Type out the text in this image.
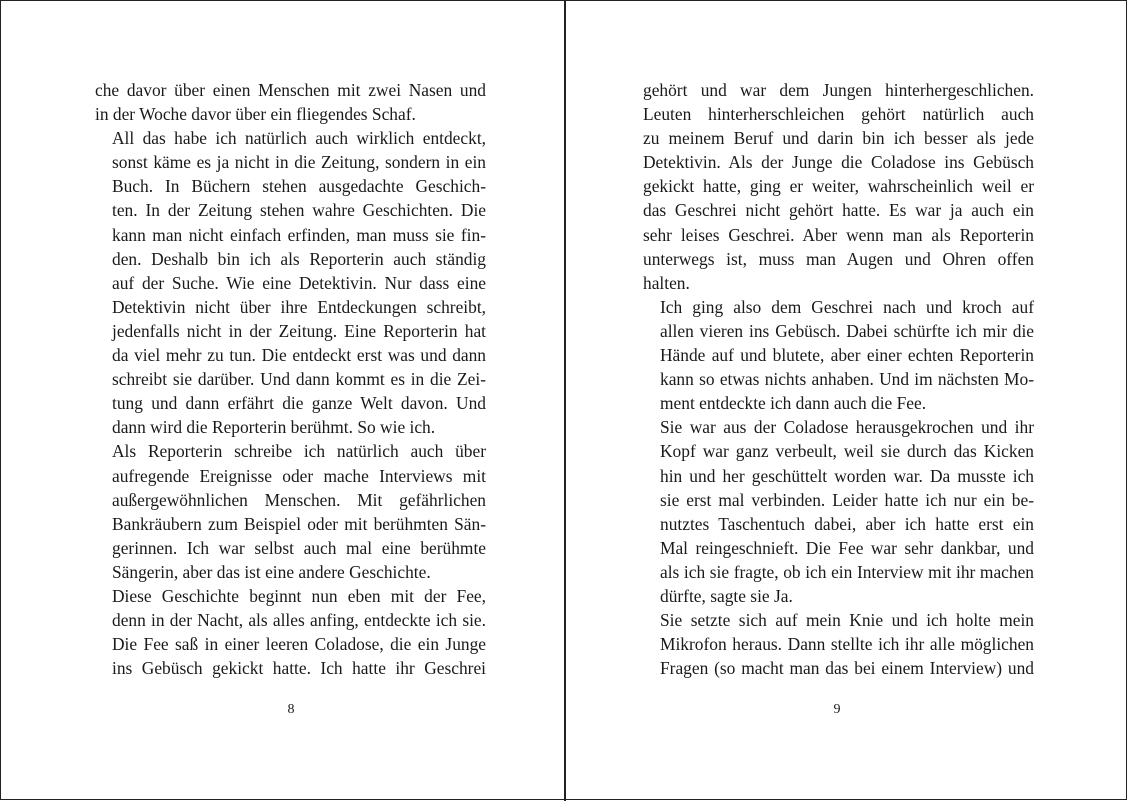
che davor über einen Menschen mit zwei Nasen und
in der Woche davor über ein fliegendes Schaf.

All das habe ich natürlich auch wirklich entdeckt,
sonst käme es ja nicht in die Zeitung, sondern in ein
Buch. In Büchern stehen ausgedachte Geschich-
ten. In der Zeitung stehen wahre Geschichten. Die
kann man nicht einfach erfinden, man muss sie fin-
den. Deshalb bin ich als Reporterin auch ständig
auf der Suche. Wie eine Detektivin. Nur dass eine
Detektivin nicht über ihre Entdeckungen schreibt,
jedenfalls nicht in der Zeitung. Eine Reporterin hat
da viel mehr zu tun. Die entdeckt erst was und dann
schreibt sie darüber. Und dann kommt es in die Zei-
tung und dann erfährt die ganze Welt davon. Und
dann wird die Reporterin berühmt. So wie ich.

Als Reporterin schreibe ich natürlich auch über
aufregende Ereignisse oder mache Interviews mit
außergewöhnlichen Menschen. Mit gefährlichen
Bankräubern zum Beispiel oder mit berühmten Sän-
gerinnen. Ich war selbst auch mal eine berühmte
Sängerin, aber das ist eine andere Geschichte.

Diese Geschichte beginnt nun eben mit der Fee,
denn in der Nacht, als alles anfing, entdeckte ich sie.
Die Fee saß in einer leeren Coladose, die ein Junge
ins Gebüsch gekickt hatte. Ich hatte ihr Geschrei

8

gehört und war dem Jungen hinterhergeschlichen.
Leuten hinterherschleichen gehört natürlich auch
zu meinem Beruf und darin bin ich besser als jede
Detektivin. Als der Junge die Coladose ins Gebüsch
gekickt hatte, ging er weiter, wahrscheinlich weil er
das Geschrei nicht gehört hatte. Es war ja auch ein
sehr leises Geschrei. Aber wenn man als Reporterin
unterwegs ist, muss man Augen und Ohren offen
halten.

Ich ging also dem Geschrei nach und kroch auf
allen vieren ins Gebüsch. Dabei schürfte ich mir die
Hände auf und blutete, aber einer echten Reporterin
kann so etwas nichts anhaben. Und im nächsten Mo-
ment entdeckte ich dann auch die Fee.

Sie war aus der Coladose herausgekrochen und ihr
Kopf war ganz verbeult, weil sie durch das Kicken
hin und her geschüttelt worden war. Da musste ich
sie erst mal verbinden. Leider hatte ich nur ein be-
nutztes Taschentuch dabei, aber ich hatte erst ein
Mal reingeschnieft. Die Fee war sehr dankbar, und
als ich sie fragte, ob ich ein Interview mit ihr machen
dürfte, sagte sie Ja.

Sie setzte sich auf mein Knie und ich holte mein
Mikrofon heraus. Dann stellte ich ihr alle möglichen
Fragen (so macht man das bei einem Interview) und

9
